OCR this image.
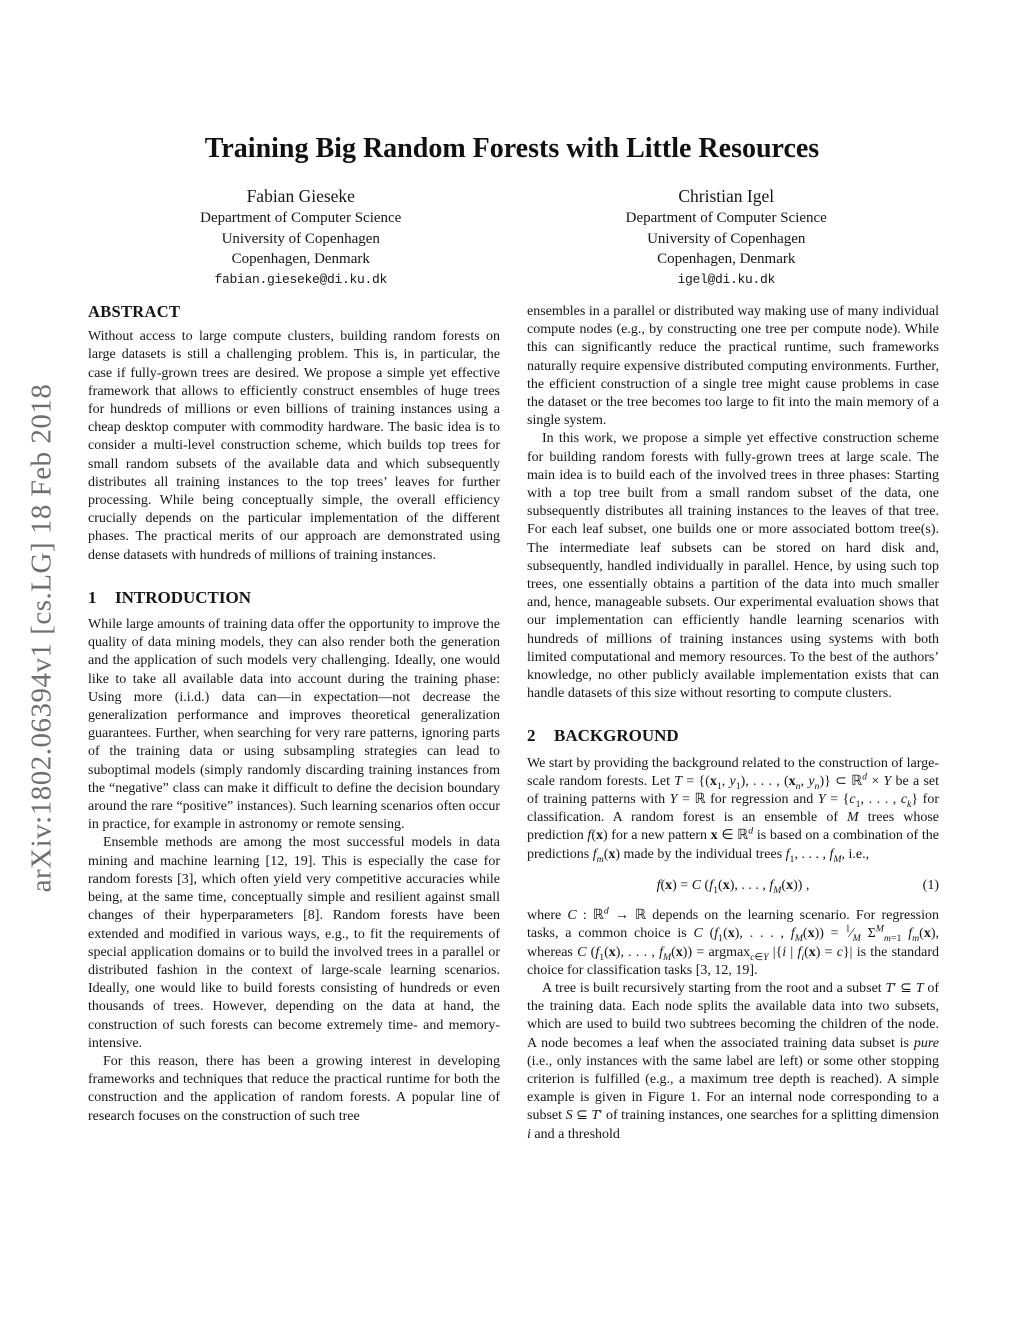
arXiv:1802.06394v1 [cs.LG] 18 Feb 2018
Training Big Random Forests with Little Resources
Fabian Gieseke
Department of Computer Science
University of Copenhagen
Copenhagen, Denmark
fabian.gieseke@di.ku.dk
Christian Igel
Department of Computer Science
University of Copenhagen
Copenhagen, Denmark
igel@di.ku.dk
ABSTRACT

Without access to large compute clusters, building random forests on large datasets is still a challenging problem. This is, in particular, the case if fully-grown trees are desired. We propose a simple yet effective framework that allows to efficiently construct ensembles of huge trees for hundreds of millions or even billions of training instances using a cheap desktop computer with commodity hardware. The basic idea is to consider a multi-level construction scheme, which builds top trees for small random subsets of the available data and which subsequently distributes all training instances to the top trees’ leaves for further processing. While being conceptually simple, the overall efficiency crucially depends on the particular implementation of the different phases. The practical merits of our approach are demonstrated using dense datasets with hundreds of millions of training instances.

1	INTRODUCTION

While large amounts of training data offer the opportunity to improve the quality of data mining models, they can also render both the generation and the application of such models very challenging. Ideally, one would like to take all available data into account during the training phase: Using more (i.i.d.) data can—in expectation—not decrease the generalization performance and improves theoretical generalization guarantees. Further, when searching for very rare patterns, ignoring parts of the training data or using subsampling strategies can lead to suboptimal models (simply randomly discarding training instances from the “negative” class can make it difficult to define the decision boundary around the rare “positive” instances). Such learning scenarios often occur in practice, for example in astronomy or remote sensing.

Ensemble methods are among the most successful models in data mining and machine learning [12, 19]. This is especially the case for random forests [3], which often yield very competitive accuracies while being, at the same time, conceptually simple and resilient against small changes of their hyperparameters [8]. Random forests have been extended and modified in various ways, e.g., to fit the requirements of special application domains or to build the involved trees in a parallel or distributed fashion in the context of large-scale learning scenarios. Ideally, one would like to build forests consisting of hundreds or even thousands of trees. However, depending on the data at hand, the construction of such forests can become extremely time- and memory-intensive.

For this reason, there has been a growing interest in developing frameworks and techniques that reduce the practical runtime for both the construction and the application of random forests. A popular line of research focuses on the construction of such tree

ensembles in a parallel or distributed way making use of many individual compute nodes (e.g., by constructing one tree per compute node). While this can significantly reduce the practical runtime, such frameworks naturally require expensive distributed computing environments. Further, the efficient construction of a single tree might cause problems in case the dataset or the tree becomes too large to fit into the main memory of a single system.

In this work, we propose a simple yet effective construction scheme for building random forests with fully-grown trees at large scale. The main idea is to build each of the involved trees in three phases: Starting with a top tree built from a small random subset of the data, one subsequently distributes all training instances to the leaves of that tree. For each leaf subset, one builds one or more associated bottom tree(s). The intermediate leaf subsets can be stored on hard disk and, subsequently, handled individually in parallel. Hence, by using such top trees, one essentially obtains a partition of the data into much smaller and, hence, manageable subsets. Our experimental evaluation shows that our implementation can efficiently handle learning scenarios with hundreds of millions of training instances using systems with both limited computational and memory resources. To the best of the authors’ knowledge, no other publicly available implementation exists that can handle datasets of this size without resorting to compute clusters.

2	BACKGROUND

We start by providing the background related to the construction of large-scale random forests. Let $T = \{(x_1$, $y_1$), . . . , ($x_n$, $y_n$)} ⊂ ℝ$^d$ × Y be a set of training patterns with Y = ℝ for regression and $Y = \{c_1$, . . . , $c_k$} for classification. A random forest is an ensemble of M trees whose prediction f(x) for a new pattern x ∈ ℝ$^d$ is based on a combination of the predictions $f_m(x)$ made by the individual trees $f_1$, . . . , $f_M$, i.e.,

f(x) = C ($f_1(x)$, . . . , $f_M(x)$) ,	(1)

where C : ℝ$^d$ → ℝ depends on the learning scenario. For regression tasks, a common choice is C ($f_1(x)$, . . . , $f_M(x)$) = $^1⁄_M$ $\Sigma^M_{m=1}$ $f_m(x)$, whereas C ($f_1(x)$, . . . , $f_M(x)) = argmax_{c\in Y}$ |{i | $f_i(x) = c\}|$ is the standard choice for classification tasks [3, 12, 19].

A tree is built recursively starting from the root and a subset T′ ⊆ T of the training data. Each node splits the available data into two subsets, which are used to build two subtrees becoming the children of the node. A node becomes a leaf when the associated training data subset is pure (i.e., only instances with the same label are left) or some other stopping criterion is fulfilled (e.g., a maximum tree depth is reached). A simple example is given in Figure 1. For an internal node corresponding to a subset S ⊆ T′ of training instances, one searches for a splitting dimension i and a threshold
